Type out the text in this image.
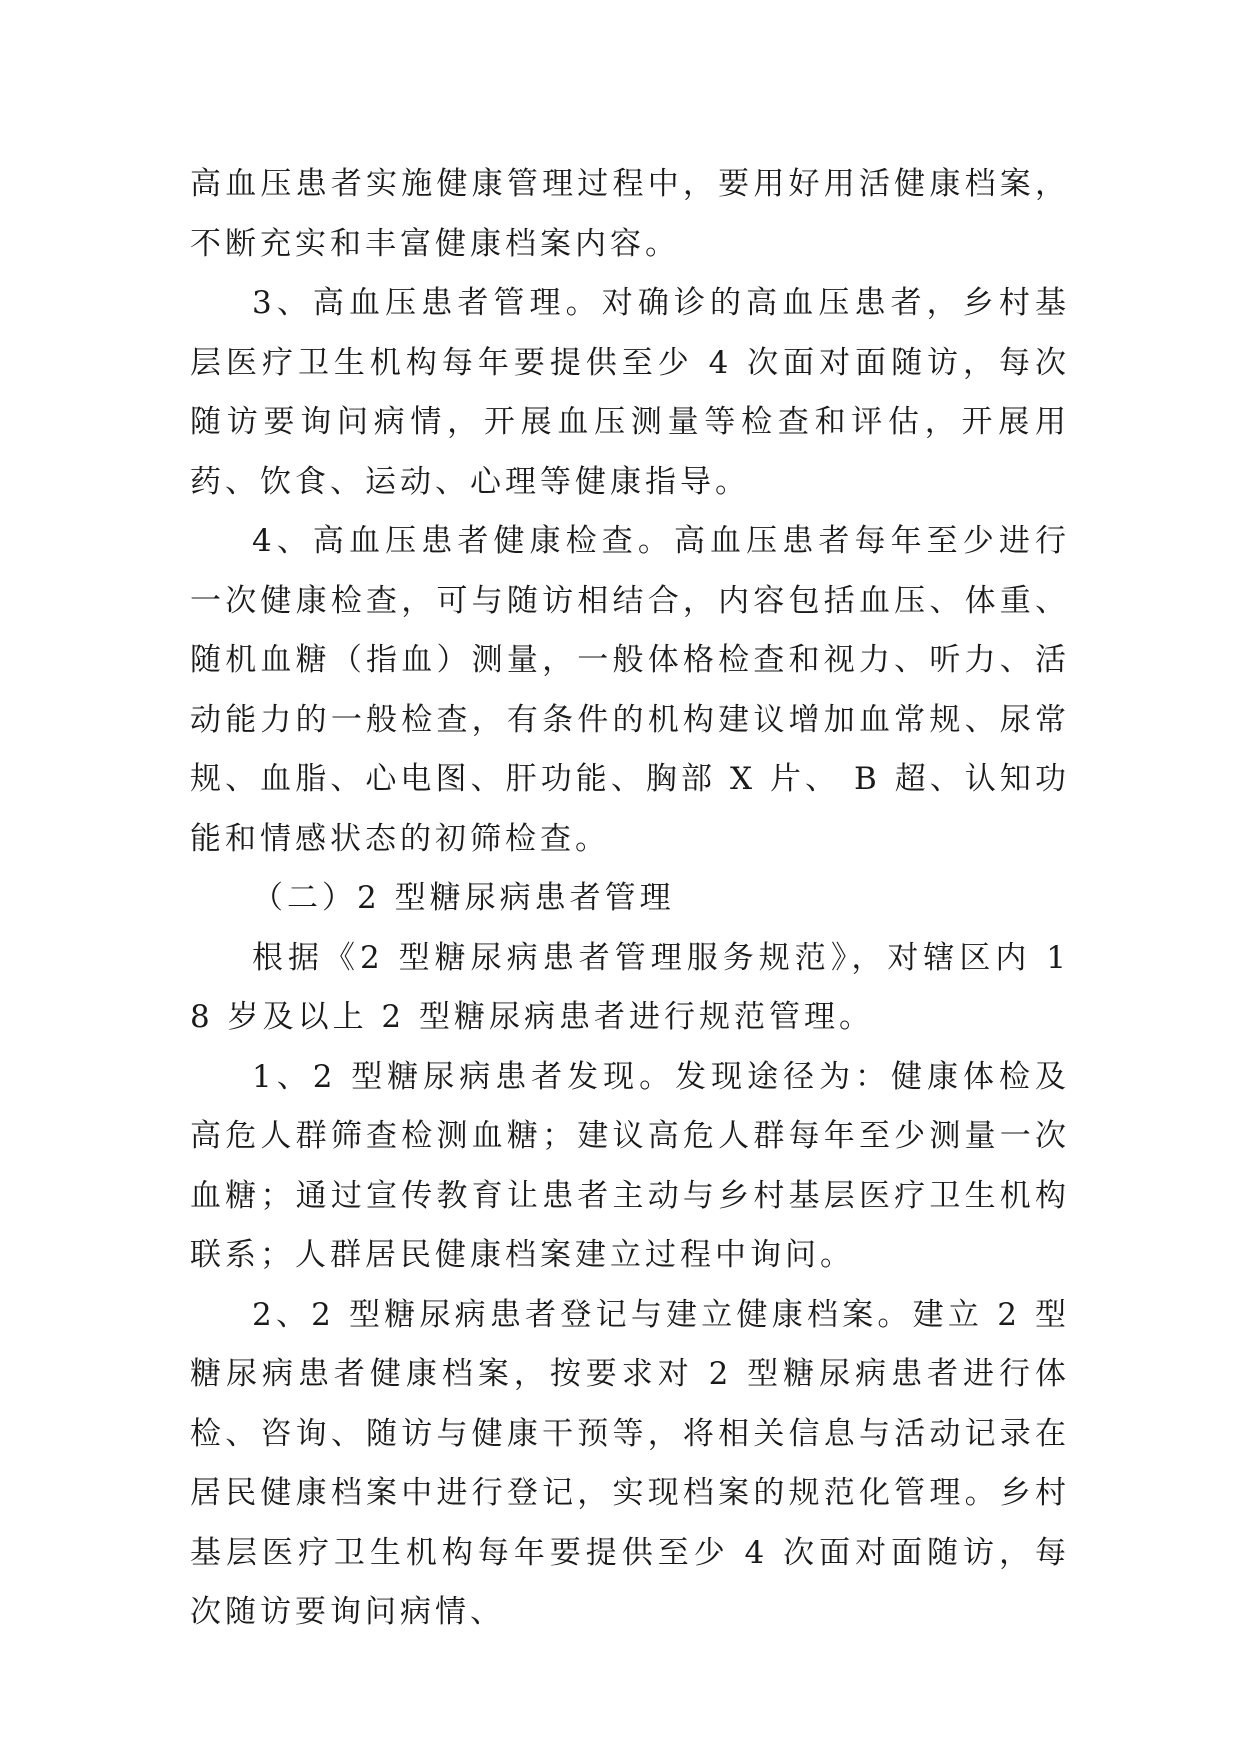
高血压患者实施健康管理过程中，要用好用活健康档案，不断充实和丰富健康档案内容。

3、高血压患者管理。对确诊的高血压患者，乡村基层医疗卫生机构每年要提供至少 4 次面对面随访，每次随访要询问病情，开展血压测量等检查和评估，开展用药、饮食、运动、心理等健康指导。

4、高血压患者健康检查。高血压患者每年至少进行一次健康检查，可与随访相结合，内容包括血压、体重、随机血糖（指血）测量，一般体格检查和视力、听力、活动能力的一般检查，有条件的机构建议增加血常规、尿常规、血脂、心电图、肝功能、胸部 X 片、 B 超、认知功能和情感状态的初筛检查。

（二）2 型糖尿病患者管理

根据《2 型糖尿病患者管理服务规范》，对辖区内 18 岁及以上 2 型糖尿病患者进行规范管理。

1、2 型糖尿病患者发现。发现途径为：健康体检及高危人群筛查检测血糖；建议高危人群每年至少测量一次血糖；通过宣传教育让患者主动与乡村基层医疗卫生机构联系；人群居民健康档案建立过程中询问。

2、2 型糖尿病患者登记与建立健康档案。建立 2 型糖尿病患者健康档案，按要求对 2 型糖尿病患者进行体检、咨询、随访与健康干预等，将相关信息与活动记录在居民健康档案中进行登记，实现档案的规范化管理。乡村基层医疗卫生机构每年要提供至少 4 次面对面随访，每次随访要询问病情、
